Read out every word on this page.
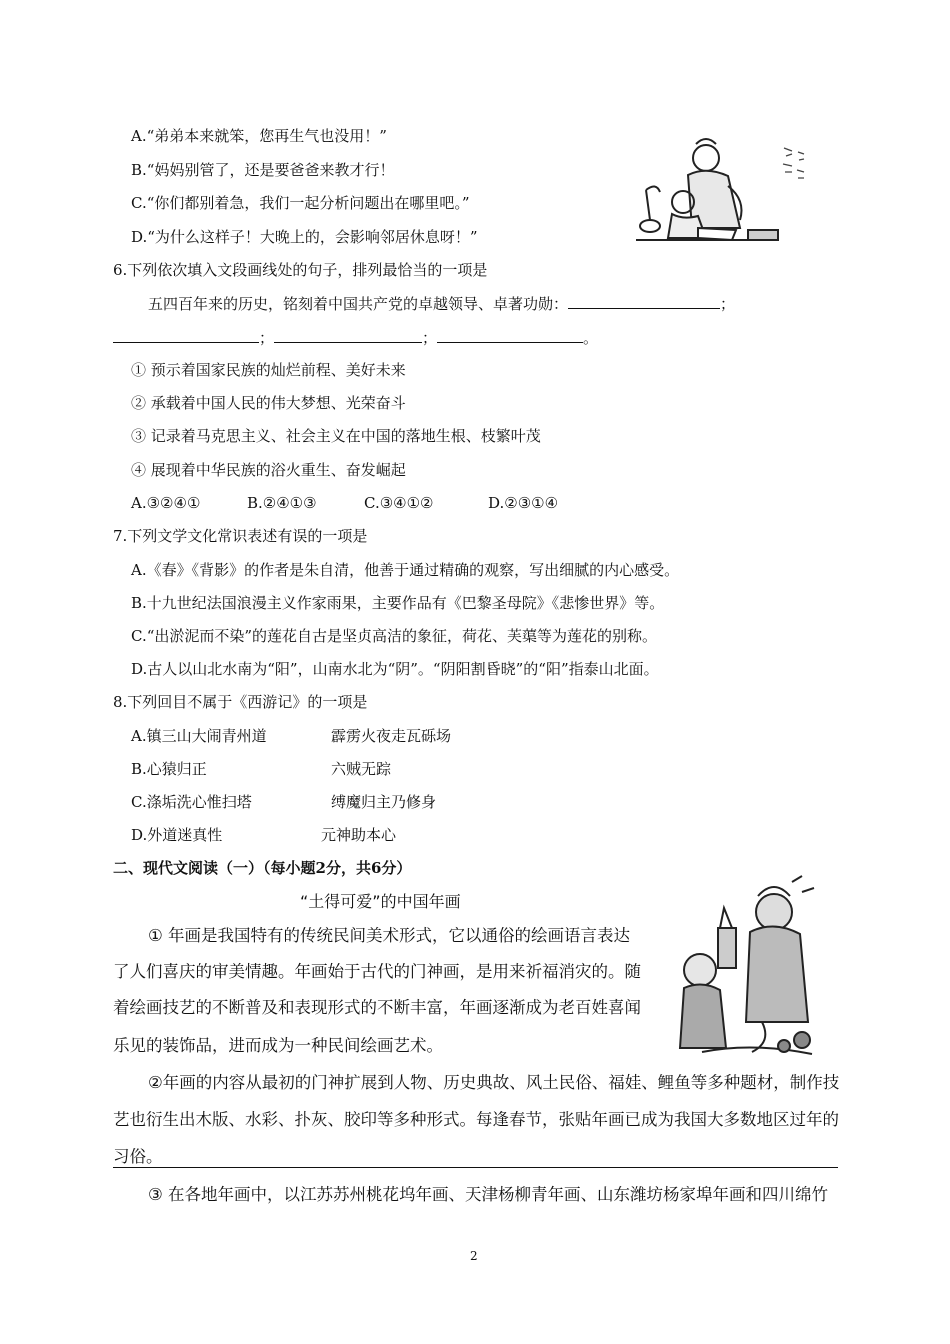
A.“弟弟本来就笨，您再生气也没用！”
B.“妈妈别管了，还是要爸爸来教才行！
C.“你们都别着急，我们一起分析问题出在哪里吧。”
D.“为什么这样子！大晚上的，会影响邻居休息呀！”
6.下列依次填入文段画线处的句子，排列最恰当的一项是
五四百年来的历史，铭刻着中国共产党的卓越领导、卓著功勋：	；
；	；	。
① 预示着国家民族的灿烂前程、美好未来
② 承载着中国人民的伟大梦想、光荣奋斗
③ 记录着马克思主义、社会主义在中国的落地生根、枝繁叶茂
④ 展现着中华民族的浴火重生、奋发崛起
A.③②④①	B.②④①③	C.③④①②	D.②③①④
7.下列文学文化常识表述有误的一项是
A.《春》《背影》的作者是朱自清，他善于通过精确的观察，写出细腻的内心感受。
B.十九世纪法国浪漫主义作家雨果，主要作品有《巴黎圣母院》《悲惨世界》等。
C.“出淤泥而不染”的莲花自古是坚贞高洁的象征，荷花、芙蕖等为莲花的别称。
D.古人以山北水南为“阳”，山南水北为“阴”。“阴阳割昏晓”的“阳”指泰山北面。
8.下列回目不属于《西游记》的一项是
A.镇三山大闹青州道	霹雳火夜走瓦砾场
B.心猿归正	六贼无踪
C.涤垢洗心惟扫塔	缚魔归主乃修身
D.外道迷真性	元神助本心
二、现代文阅读（一）（每小题2分，共6分）
“土得可爱”的中国年画
① 年画是我国特有的传统民间美术形式，它以通俗的绘画语言表达
了人们喜庆的审美情趣。年画始于古代的门神画，是用来祈福消灾的。随
着绘画技艺的不断普及和表现形式的不断丰富，年画逐渐成为老百姓喜闻
乐见的装饰品，进而成为一种民间绘画艺术。
②年画的内容从最初的门神扩展到人物、历史典故、风土民俗、福娃、鲤鱼等多种题材，制作技
艺也衍生出木版、水彩、扑灰、胶印等多种形式。每逢春节，张贴年画已成为我国大多数地区过年的
习俗。
③ 在各地年画中，以江苏苏州桃花坞年画、天津杨柳青年画、山东潍坊杨家埠年画和四川绵竹
2
